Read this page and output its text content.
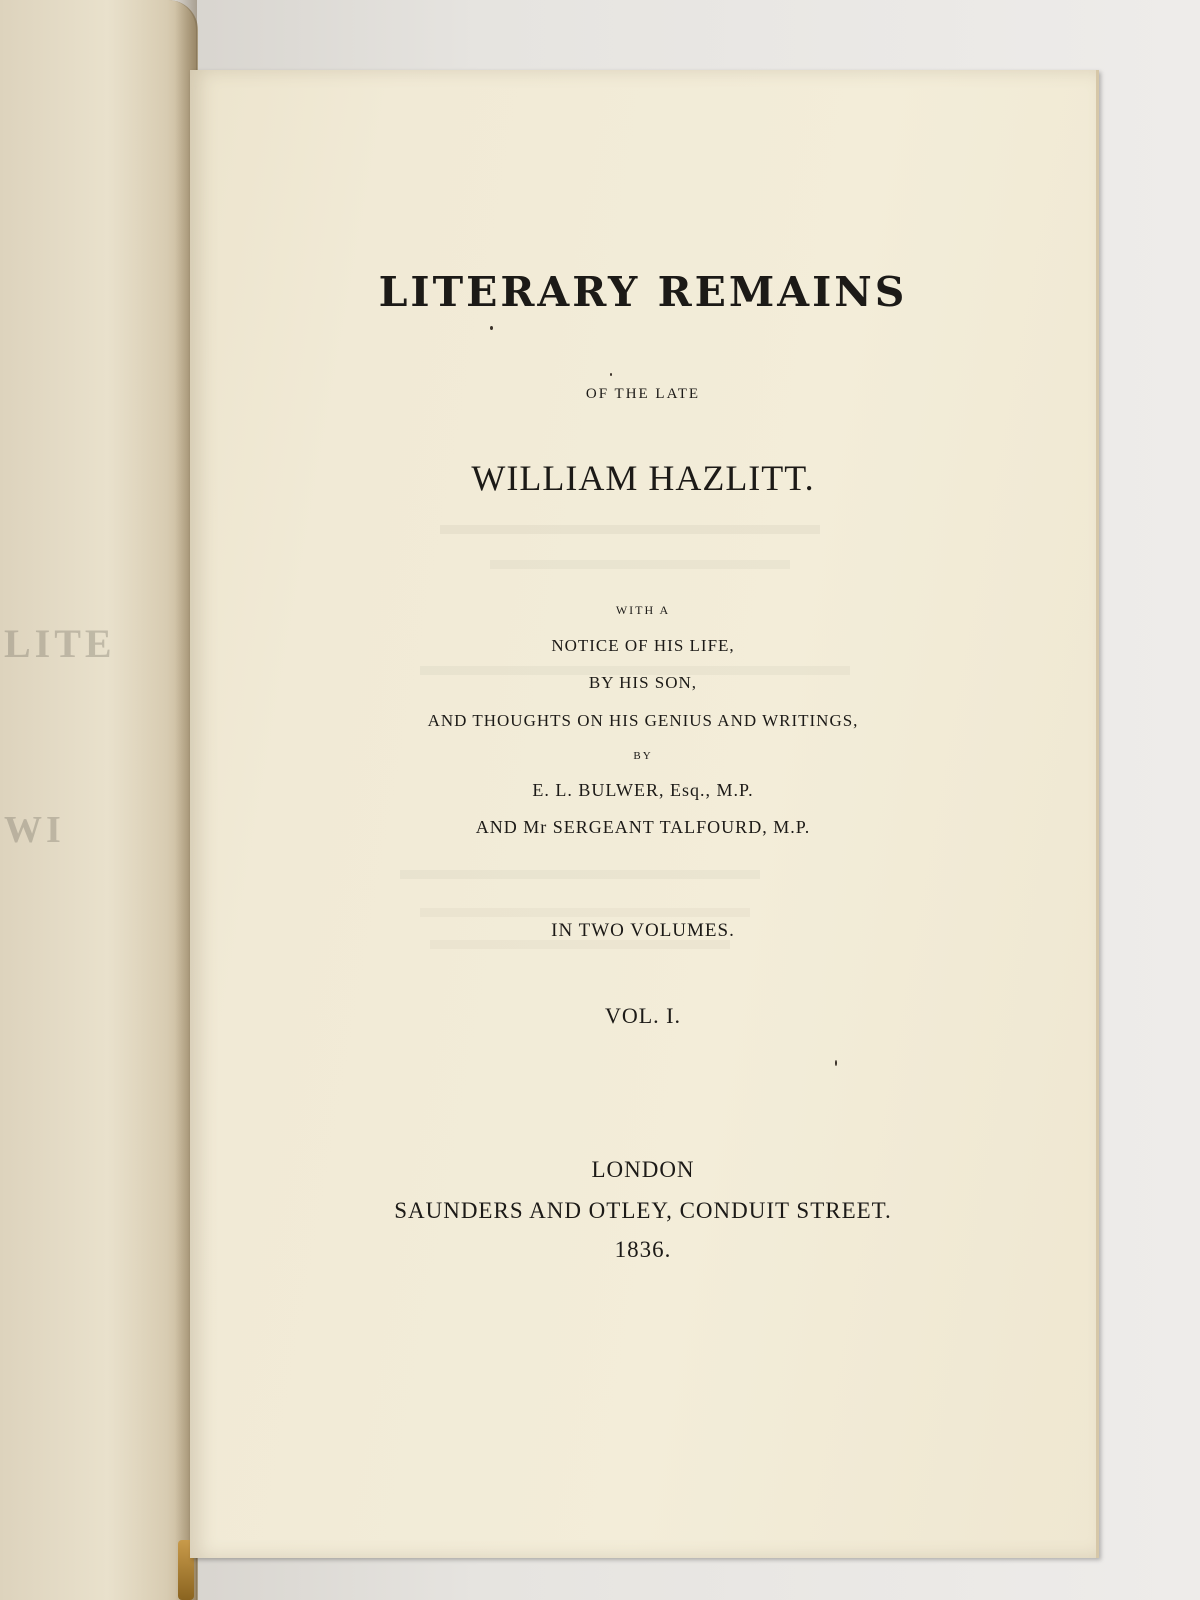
LITE
WI
LITERARY REMAINS
OF THE LATE
WILLIAM HAZLITT.
WITH A
NOTICE OF HIS LIFE,
BY HIS SON,
AND THOUGHTS ON HIS GENIUS AND WRITINGS,
BY
E. L. BULWER, Esq., M.P.
AND Mr SERGEANT TALFOURD, M.P.
IN TWO VOLUMES.
VOL. I.
LONDON
SAUNDERS AND OTLEY, CONDUIT STREET.
1836.
